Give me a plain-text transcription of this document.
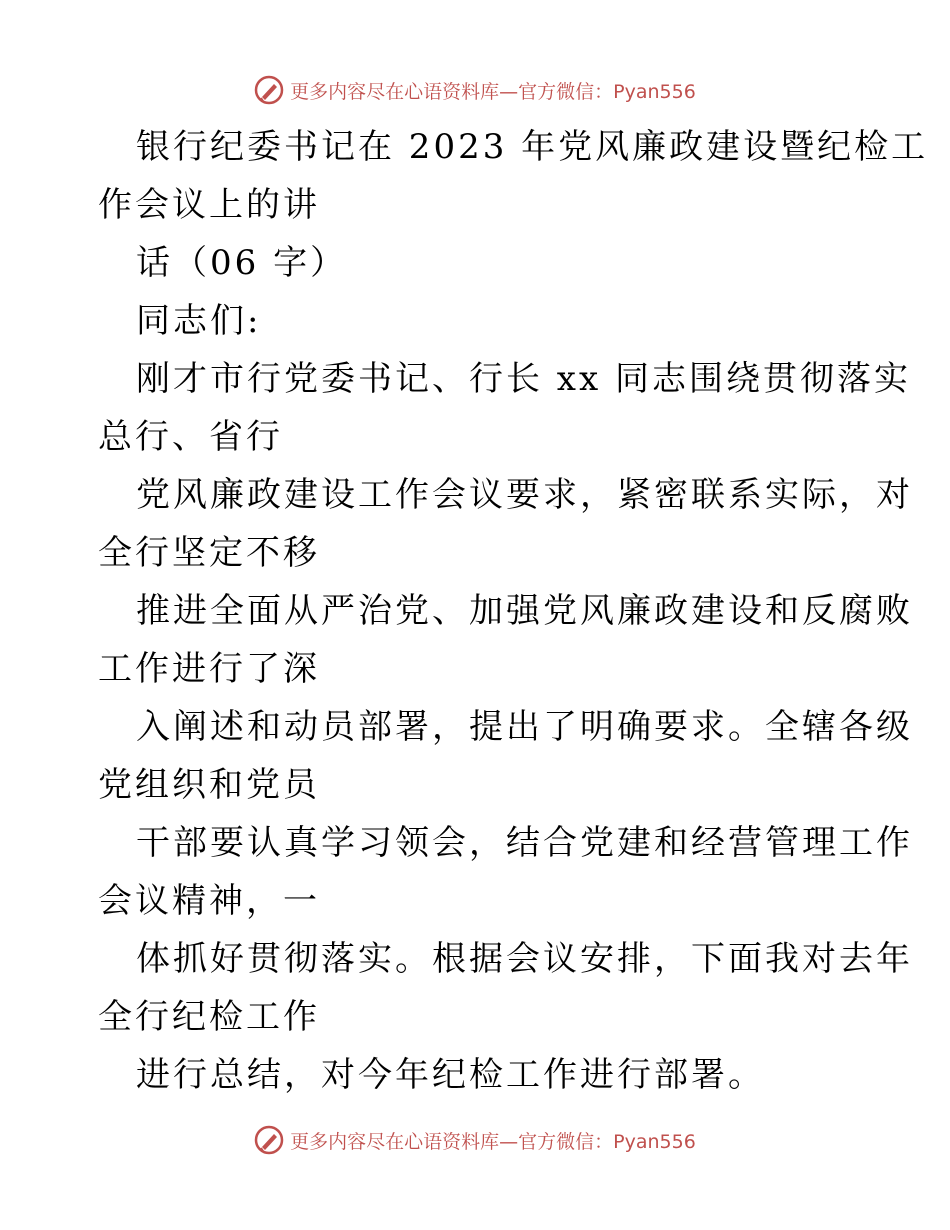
更多内容尽在心语资料库—官方微信：Pyan556
银行纪委书记在 2023 年党风廉政建设暨纪检工
作会议上的讲
话（06 字）
同志们:
刚才市行党委书记、行长 xx 同志围绕贯彻落实
总行、省行
党风廉政建设工作会议要求，紧密联系实际，对
全行坚定不移
推进全面从严治党、加强党风廉政建设和反腐败
工作进行了深
入阐述和动员部署，提出了明确要求。全辖各级
党组织和党员
干部要认真学习领会，结合党建和经营管理工作
会议精神，一
体抓好贯彻落实。根据会议安排，下面我对去年
全行纪检工作
进行总结，对今年纪检工作进行部署。
更多内容尽在心语资料库—官方微信：Pyan556
